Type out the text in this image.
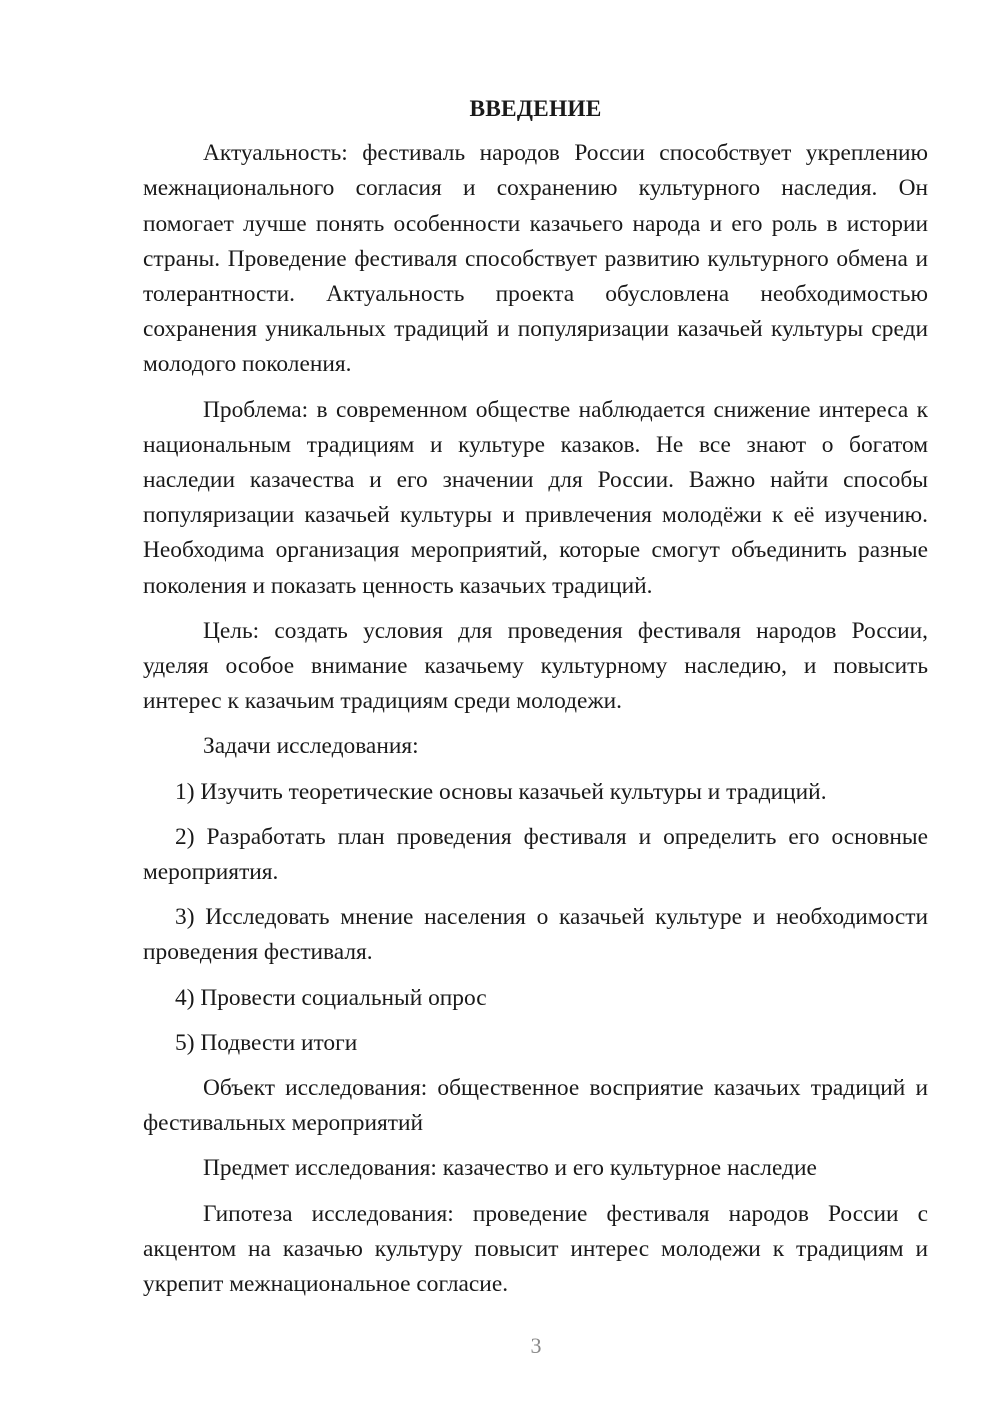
ВВЕДЕНИЕ

Актуальность: фестиваль народов России способствует укреплению межнационального согласия и сохранению культурного наследия. Он помогает лучше понять особенности казачьего народа и его роль в истории страны. Проведение фестиваля способствует развитию культурного обмена и толерантности. Актуальность проекта обусловлена необходимостью сохранения уникальных традиций и популяризации казачьей культуры среди молодого поколения.

Проблема: в современном обществе наблюдается снижение интереса к национальным традициям и культуре казаков. Не все знают о богатом наследии казачества и его значении для России. Важно найти способы популяризации казачьей культуры и привлечения молодёжи к её изучению. Необходима организация мероприятий, которые смогут объединить разные поколения и показать ценность казачьих традиций.

Цель: создать условия для проведения фестиваля народов России, уделяя особое внимание казачьему культурному наследию, и повысить интерес к казачьим традициям среди молодежи.

Задачи исследования:

1) Изучить теоретические основы казачьей культуры и традиций.

2) Разработать план проведения фестиваля и определить его основные мероприятия.

3) Исследовать мнение населения о казачьей культуре и необходимости проведения фестиваля.

4) Провести социальный опрос

5) Подвести итоги

Объект исследования: общественное восприятие казачьих традиций и фестивальных мероприятий

Предмет исследования: казачество и его культурное наследие

Гипотеза исследования: проведение фестиваля народов России с акцентом на казачью культуру повысит интерес молодежи к традициям и укрепит межнациональное согласие.

3
